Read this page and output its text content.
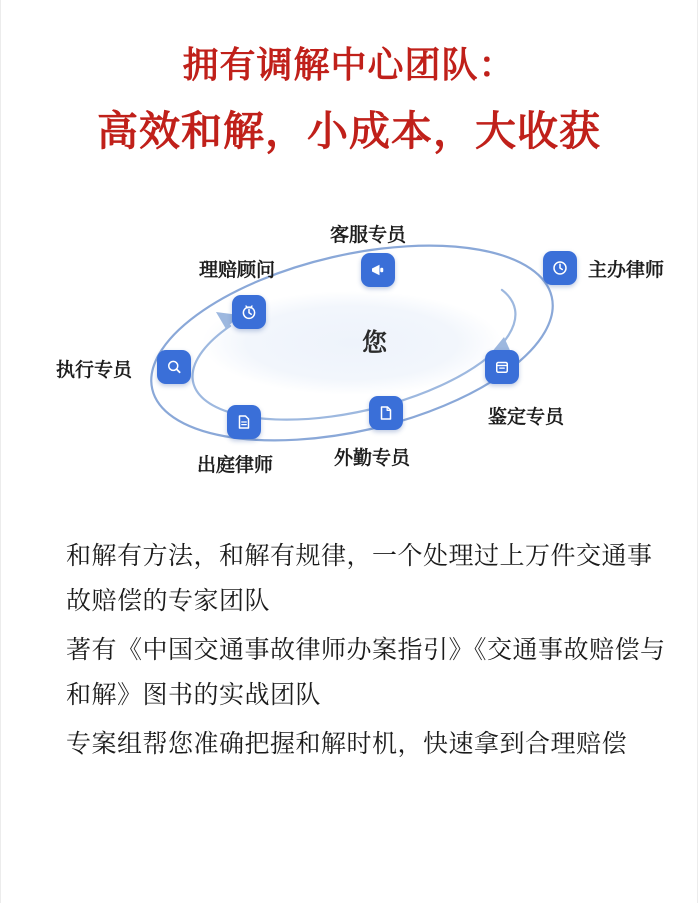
拥有调解中心团队：
高效和解，小成本，大收获
您
客服专员
主办律师
理赔顾问
执行专员
出庭律师	外勤专员
鉴定专员

和解有方法，和解有规律，一个处理过上万件交通事故赔偿的专家团队

著有《中国交通事故律师办案指引》《交通事故赔偿与和解》图书的实战团队

专案组帮您准确把握和解时机，快速拿到合理赔偿
